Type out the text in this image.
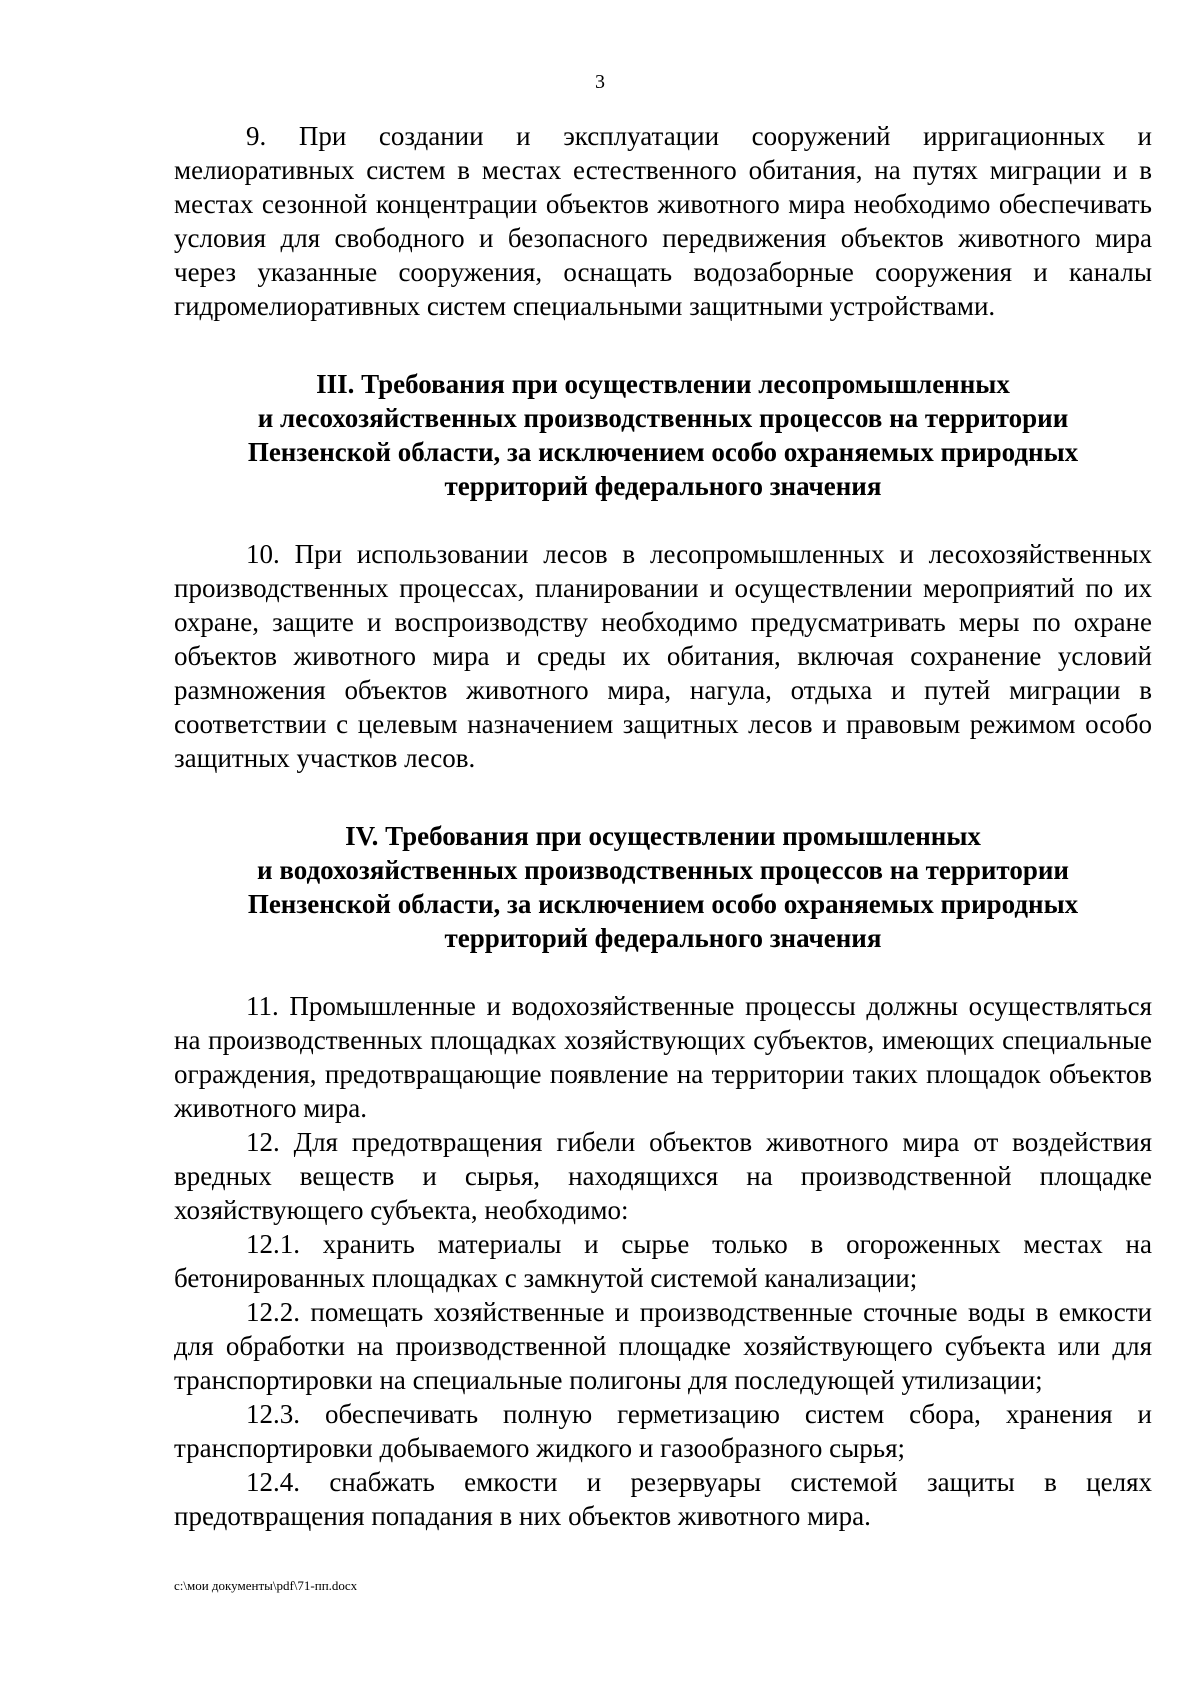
3

9. При создании и эксплуатации сооружений ирригационных и мелиоративных систем в местах естественного обитания, на путях миграции и в местах сезонной концентрации объектов животного мира необходимо обеспечивать условия для свободного и безопасного передвижения объектов животного мира через указанные сооружения, оснащать водозаборные сооружения и каналы гидромелиоративных систем специальными защитными устройствами.

III. Требования при осуществлении лесопромышленных
и лесохозяйственных производственных процессов на территории
Пензенской области, за исключением особо охраняемых природных
территорий федерального значения

10. При использовании лесов в лесопромышленных и лесохозяйственных производственных процессах, планировании и осуществлении мероприятий по их охране, защите и воспроизводству необходимо предусматривать меры по охране объектов животного мира и среды их обитания, включая сохранение условий размножения объектов животного мира, нагула, отдыха и путей миграции в соответствии с целевым назначением защитных лесов и правовым режимом особо защитных участков лесов.

IV. Требования при осуществлении промышленных
и водохозяйственных производственных процессов на территории
Пензенской области, за исключением особо охраняемых природных
территорий федерального значения

11. Промышленные и водохозяйственные процессы должны осуществляться на производственных площадках хозяйствующих субъектов, имеющих специальные ограждения, предотвращающие появление на территории таких площадок объектов животного мира.

12. Для предотвращения гибели объектов животного мира от воздействия вредных веществ и сырья, находящихся на производственной площадке хозяйствующего субъекта, необходимо:

12.1. хранить материалы и сырье только в огороженных местах на бетонированных площадках с замкнутой системой канализации;

12.2. помещать хозяйственные и производственные сточные воды в емкости для обработки на производственной площадке хозяйствующего субъекта или для транспортировки на специальные полигоны для последующей утилизации;

12.3. обеспечивать полную герметизацию систем сбора, хранения и транспортировки добываемого жидкого и газообразного сырья;

12.4. снабжать емкости и резервуары системой защиты в целях предотвращения попадания в них объектов животного мира.

c:\мои документы\pdf\71-пп.docx
